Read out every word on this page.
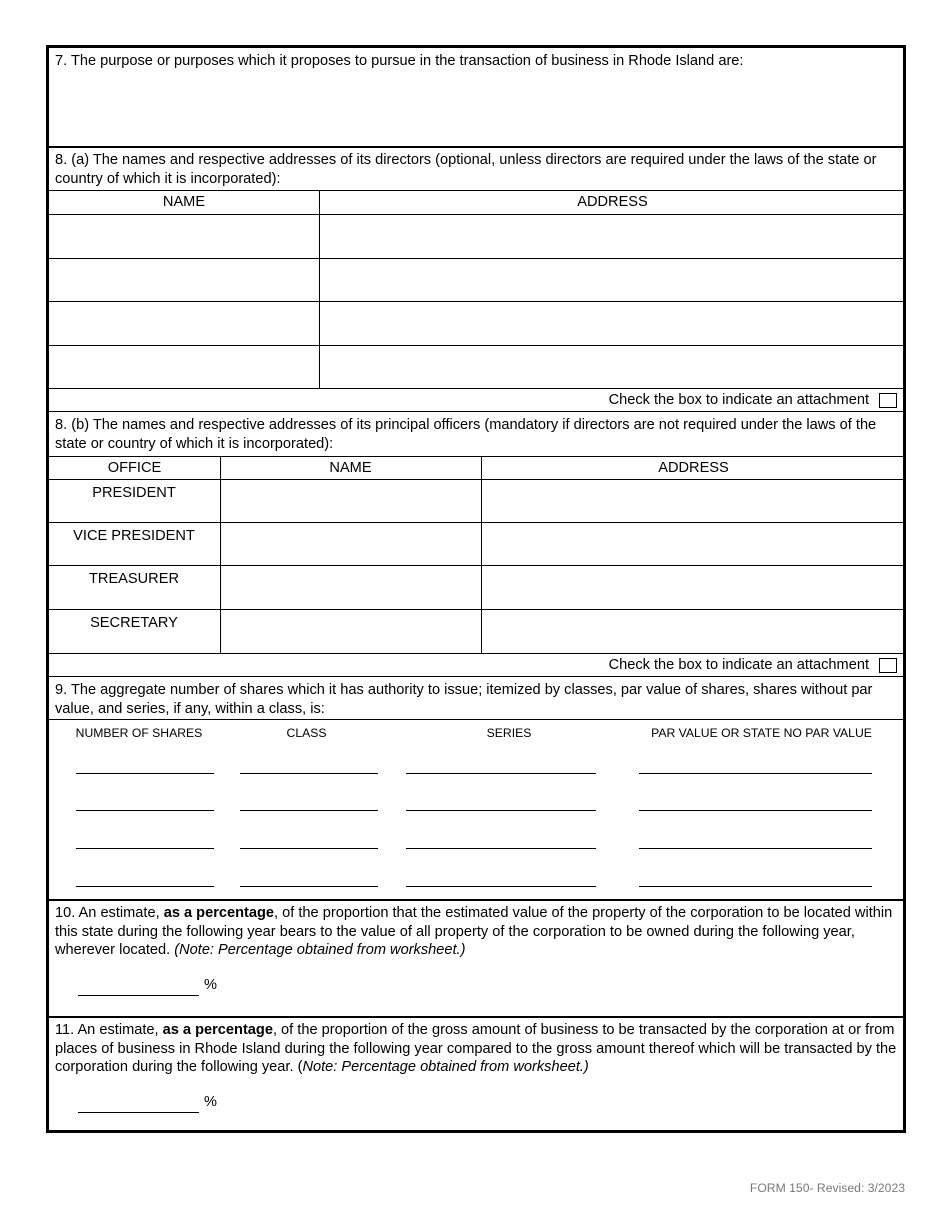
7. The purpose or purposes which it proposes to pursue in the transaction of business in Rhode Island are:
8. (a) The names and respective addresses of its directors (optional, unless directors are required under the laws of the state or country of which it is incorporated):
NAME	ADDRESS
Check the box to indicate an attachment
8. (b) The names and respective addresses of its principal officers (mandatory if directors are not required under the laws of the state or country of which it is incorporated):
OFFICE	NAME	ADDRESS
PRESIDENT
VICE PRESIDENT
TREASURER
SECRETARY
Check the box to indicate an attachment
9. The aggregate number of shares which it has authority to issue; itemized by classes, par value of shares, shares without par value, and series, if any, within a class, is:
NUMBER OF SHARES	CLASS	SERIES	PAR VALUE OR STATE NO PAR VALUE
10. An estimate, as a percentage, of the proportion that the estimated value of the property of the corporation to be located within this state during the following year bears to the value of all property of the corporation to be owned during the following year, wherever located. (Note: Percentage obtained from worksheet.)
%
11. An estimate, as a percentage, of the proportion of the gross amount of business to be transacted by the corporation at or from places of business in Rhode Island during the following year compared to the gross amount thereof which will be transacted by the corporation during the following year. (Note: Percentage obtained from worksheet.)
%
FORM 150- Revised: 3/2023
